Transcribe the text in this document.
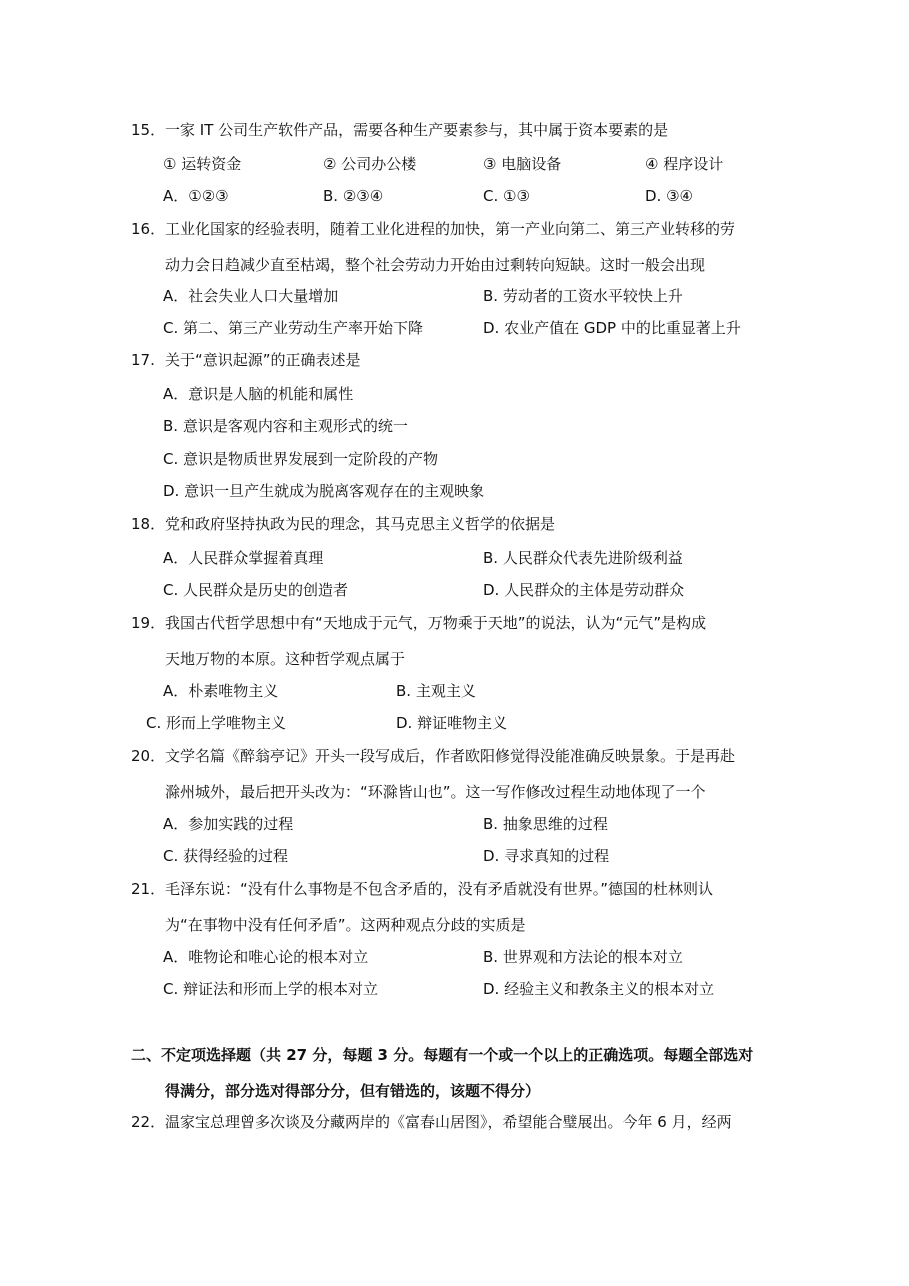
15．一家 IT 公司生产软件产品，需要各种生产要素参与，其中属于资本要素的是
① 运转资金	② 公司办公楼	③ 电脑设备	④ 程序设计
A．①②③	B. ②③④	C. ①③	D. ③④
16．工业化国家的经验表明，随着工业化进程的加快，第一产业向第二、第三产业转移的劳
动力会日趋减少直至枯竭，整个社会劳动力开始由过剩转向短缺。这时一般会出现
A．社会失业人口大量增加	B. 劳动者的工资水平较快上升
C. 第二、第三产业劳动生产率开始下降	D. 农业产值在 GDP 中的比重显著上升
17. 关于“意识起源”的正确表述是
A．意识是人脑的机能和属性
B. 意识是客观内容和主观形式的统一
C. 意识是物质世界发展到一定阶段的产物
D. 意识一旦产生就成为脱离客观存在的主观映象
18．党和政府坚持执政为民的理念，其马克思主义哲学的依据是
A．人民群众掌握着真理	B. 人民群众代表先进阶级利益
C. 人民群众是历史的创造者	D. 人民群众的主体是劳动群众
19．我国古代哲学思想中有“天地成于元气，万物乘于天地”的说法，认为“元气”是构成
天地万物的本原。这种哲学观点属于
A．朴素唯物主义	B. 主观主义
C. 形而上学唯物主义	D. 辩证唯物主义
20．文学名篇《醉翁亭记》开头一段写成后，作者欧阳修觉得没能准确反映景象。于是再赴
滁州城外，最后把开头改为：“环滁皆山也”。这一写作修改过程生动地体现了一个
A．参加实践的过程	B. 抽象思维的过程
C. 获得经验的过程	D. 寻求真知的过程
21．毛泽东说：“没有什么事物是不包含矛盾的，没有矛盾就没有世界。”德国的杜林则认
为“在事物中没有任何矛盾”。这两种观点分歧的实质是
A．唯物论和唯心论的根本对立	B. 世界观和方法论的根本对立
C. 辩证法和形而上学的根本对立	D. 经验主义和教条主义的根本对立
二、不定项选择题（共 27 分，每题 3 分。每题有一个或一个以上的正确选项。每题全部选对
得满分，部分选对得部分分，但有错选的，该题不得分）
22．温家宝总理曾多次谈及分藏两岸的《富春山居图》，希望能合璧展出。今年 6 月，经两
